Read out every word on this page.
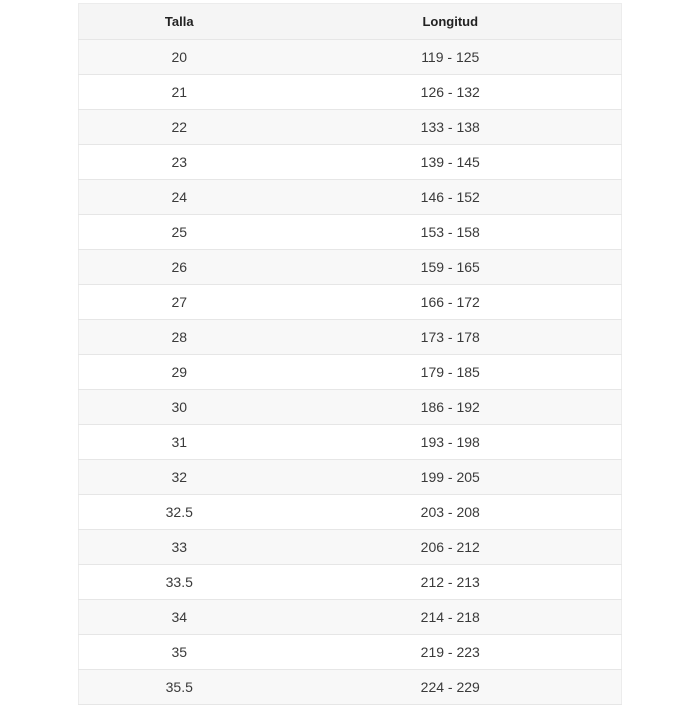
Talla	Longitud
20	119 - 125
21	126 - 132
22	133 - 138
23	139 - 145
24	146 - 152
25	153 - 158
26	159 - 165
27	166 - 172
28	173 - 178
29	179 - 185
30	186 - 192
31	193 - 198
32	199 - 205
32.5	203 - 208
33	206 - 212
33.5	212 - 213
34	214 - 218
35	219 - 223
35.5	224 - 229
